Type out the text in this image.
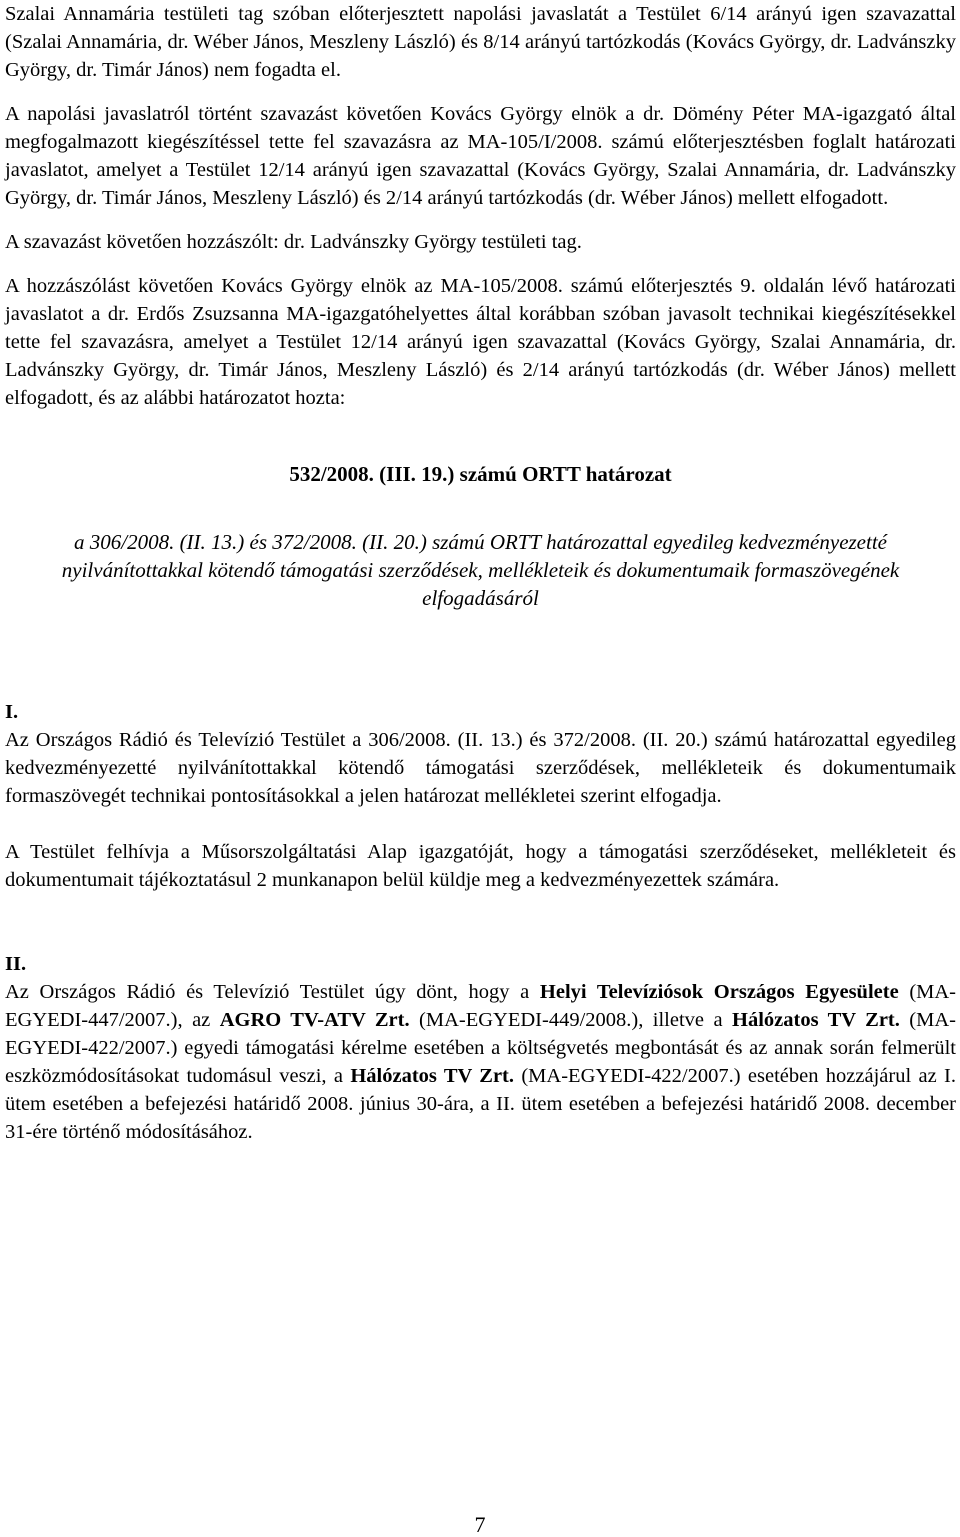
Szalai Annamária testületi tag szóban előterjesztett napolási javaslatát a Testület 6/14 arányú igen szavazattal (Szalai Annamária, dr. Wéber János, Meszleny László) és 8/14 arányú tartózkodás (Kovács György, dr. Ladvánszky György, dr. Timár János) nem fogadta el.

A napolási javaslatról történt szavazást követően Kovács György elnök a dr. Dömény Péter MA-igazgató által megfogalmazott kiegészítéssel tette fel szavazásra az MA-105/I/2008. számú előterjesztésben foglalt határozati javaslatot, amelyet a Testület 12/14 arányú igen szavazattal (Kovács György, Szalai Annamária, dr. Ladvánszky György, dr. Timár János, Meszleny László) és 2/14 arányú tartózkodás (dr. Wéber János) mellett elfogadott.

A szavazást követően hozzászólt: dr. Ladvánszky György testületi tag.

A hozzászólást követően Kovács György elnök az MA-105/2008. számú előterjesztés 9. oldalán lévő határozati javaslatot a dr. Erdős Zsuzsanna MA-igazgatóhelyettes által korábban szóban javasolt technikai kiegészítésekkel tette fel szavazásra, amelyet a Testület 12/14 arányú igen szavazattal (Kovács György, Szalai Annamária, dr. Ladvánszky György, dr. Timár János, Meszleny László) és 2/14 arányú tartózkodás (dr. Wéber János) mellett elfogadott, és az alábbi határozatot hozta:

532/2008. (III. 19.) számú ORTT határozat

a 306/2008. (II. 13.) és 372/2008. (II. 20.) számú ORTT határozattal egyedileg kedvezményezetté nyilvánítottakkal kötendő támogatási szerződések, mellékleteik és dokumentumaik formaszövegének elfogadásáról

I.

Az Országos Rádió és Televízió Testület a 306/2008. (II. 13.) és 372/2008. (II. 20.) számú határozattal egyedileg kedvezményezetté nyilvánítottakkal kötendő támogatási szerződések, mellékleteik és dokumentumaik formaszövegét technikai pontosításokkal a jelen határozat mellékletei szerint elfogadja.

A Testület felhívja a Műsorszolgáltatási Alap igazgatóját, hogy a támogatási szerződéseket, mellékleteit és dokumentumait tájékoztatásul 2 munkanapon belül küldje meg a kedvezményezettek számára.

II.

Az Országos Rádió és Televízió Testület úgy dönt, hogy a Helyi Televíziósok Országos Egyesülete (MA-EGYEDI-447/2007.), az AGRO TV-ATV Zrt. (MA-EGYEDI-449/2008.), illetve a Hálózatos TV Zrt. (MA-EGYEDI-422/2007.) egyedi támogatási kérelme esetében a költségvetés megbontását és az annak során felmerült eszközmódosításokat tudomásul veszi, a Hálózatos TV Zrt. (MA-EGYEDI-422/2007.) esetében hozzájárul az I. ütem esetében a befejezési határidő 2008. június 30-ára, a II. ütem esetében a befejezési határidő 2008. december 31-ére történő módosításához.

7
